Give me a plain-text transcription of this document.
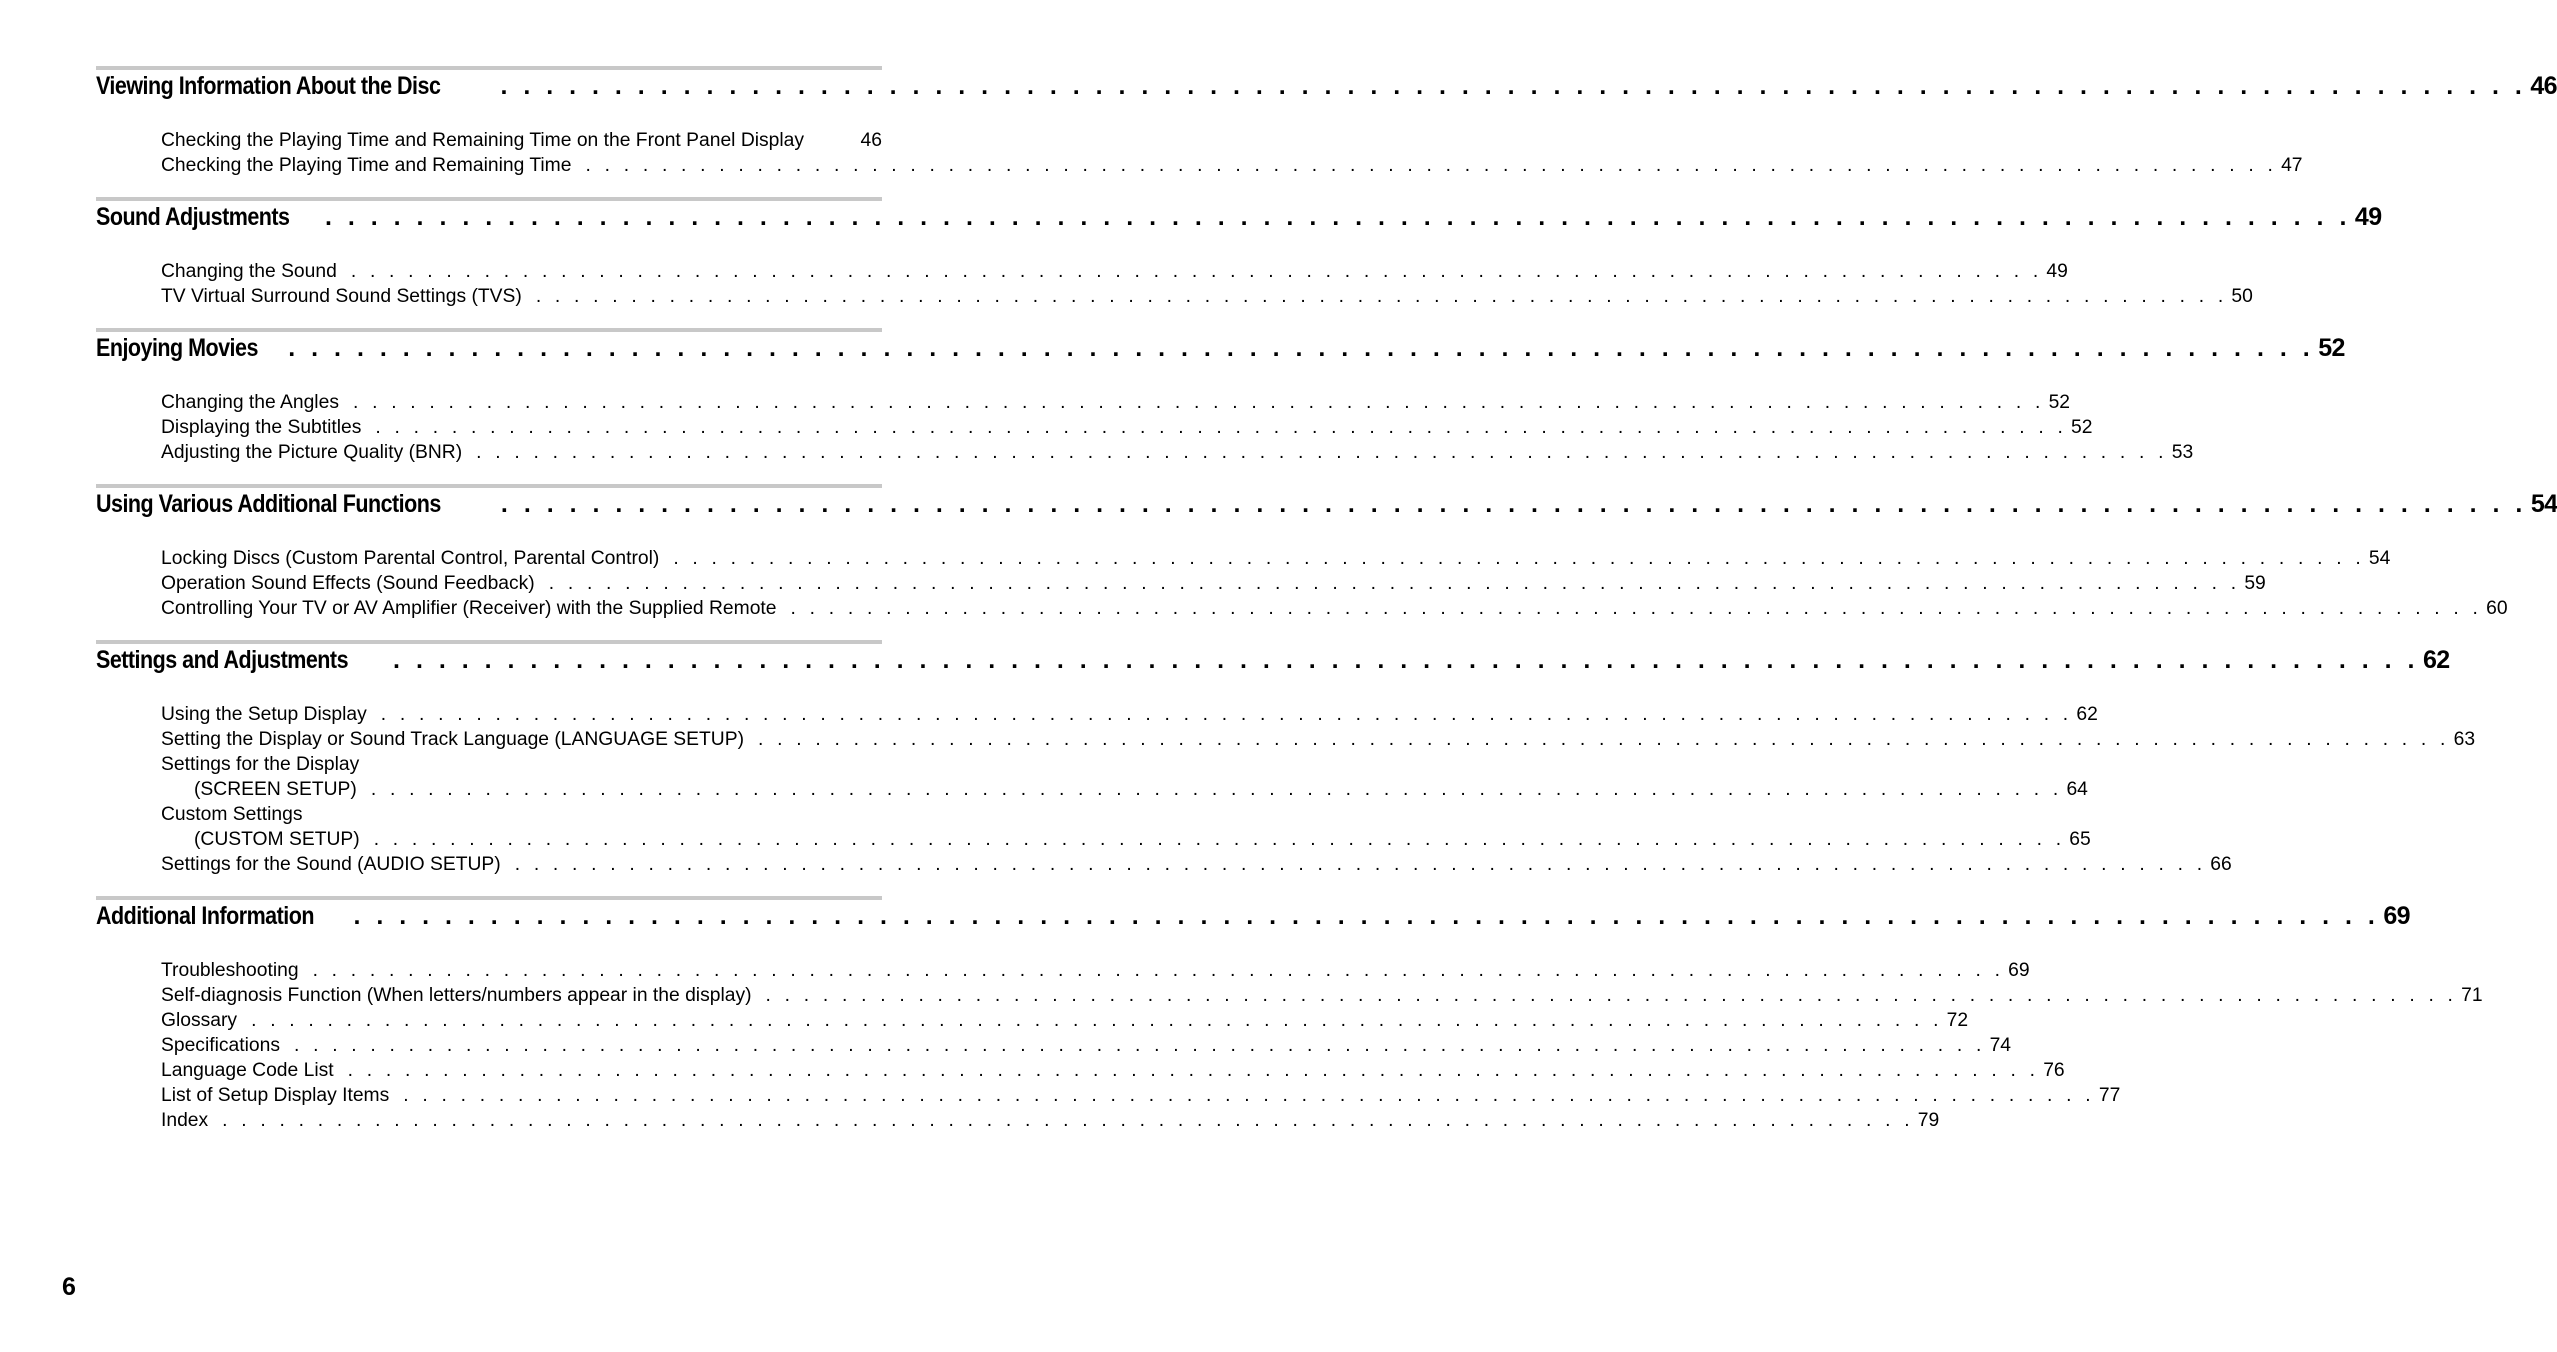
Viewing Information About the Disc . . . . . . . . . . . . . . . . . . . . . . . . . . . . . . . . . . . . . . . . . . . . . . . . . . . . . . . . . . . . . . . . . . . . . . . . . . . . . . . . . . . . . . . . . 46
Checking the Playing Time and Remaining Time on the Front Panel Display	46
Checking the Playing Time and Remaining Time . . . . . . . . . . . . . . . . . . . . . . . . . . . . . . . . . . . . . . . . . . . . . . . . . . . . . . . . . . . . . . . . . . . . . . . . . . . . . . . . . . . . . . . . . 47
Sound Adjustments . . . . . . . . . . . . . . . . . . . . . . . . . . . . . . . . . . . . . . . . . . . . . . . . . . . . . . . . . . . . . . . . . . . . . . . . . . . . . . . . . . . . . . . . . 49
Changing the Sound . . . . . . . . . . . . . . . . . . . . . . . . . . . . . . . . . . . . . . . . . . . . . . . . . . . . . . . . . . . . . . . . . . . . . . . . . . . . . . . . . . . . . . . . . 49
TV Virtual Surround Sound Settings (TVS) . . . . . . . . . . . . . . . . . . . . . . . . . . . . . . . . . . . . . . . . . . . . . . . . . . . . . . . . . . . . . . . . . . . . . . . . . . . . . . . . . . . . . . . . . 50
Enjoying Movies . . . . . . . . . . . . . . . . . . . . . . . . . . . . . . . . . . . . . . . . . . . . . . . . . . . . . . . . . . . . . . . . . . . . . . . . . . . . . . . . . . . . . . . . . 52
Changing the Angles . . . . . . . . . . . . . . . . . . . . . . . . . . . . . . . . . . . . . . . . . . . . . . . . . . . . . . . . . . . . . . . . . . . . . . . . . . . . . . . . . . . . . . . . . 52
Displaying the Subtitles . . . . . . . . . . . . . . . . . . . . . . . . . . . . . . . . . . . . . . . . . . . . . . . . . . . . . . . . . . . . . . . . . . . . . . . . . . . . . . . . . . . . . . . . . 52
Adjusting the Picture Quality (BNR) . . . . . . . . . . . . . . . . . . . . . . . . . . . . . . . . . . . . . . . . . . . . . . . . . . . . . . . . . . . . . . . . . . . . . . . . . . . . . . . . . . . . . . . . . 53
Using Various Additional Functions . . . . . . . . . . . . . . . . . . . . . . . . . . . . . . . . . . . . . . . . . . . . . . . . . . . . . . . . . . . . . . . . . . . . . . . . . . . . . . . . . . . . . . . . . 54
Locking Discs (Custom Parental Control, Parental Control) . . . . . . . . . . . . . . . . . . . . . . . . . . . . . . . . . . . . . . . . . . . . . . . . . . . . . . . . . . . . . . . . . . . . . . . . . . . . . . . . . . . . . . . . . 54
Operation Sound Effects (Sound Feedback) . . . . . . . . . . . . . . . . . . . . . . . . . . . . . . . . . . . . . . . . . . . . . . . . . . . . . . . . . . . . . . . . . . . . . . . . . . . . . . . . . . . . . . . . . 59
Controlling Your TV or AV Amplifier (Receiver) with the Supplied Remote . . . . . . . . . . . . . . . . . . . . . . . . . . . . . . . . . . . . . . . . . . . . . . . . . . . . . . . . . . . . . . . . . . . . . . . . . . . . . . . . . . . . . . . . . 60
Settings and Adjustments . . . . . . . . . . . . . . . . . . . . . . . . . . . . . . . . . . . . . . . . . . . . . . . . . . . . . . . . . . . . . . . . . . . . . . . . . . . . . . . . . . . . . . . . . 62
Using the Setup Display . . . . . . . . . . . . . . . . . . . . . . . . . . . . . . . . . . . . . . . . . . . . . . . . . . . . . . . . . . . . . . . . . . . . . . . . . . . . . . . . . . . . . . . . . 62
Setting the Display or Sound Track Language (LANGUAGE SETUP) . . . . . . . . . . . . . . . . . . . . . . . . . . . . . . . . . . . . . . . . . . . . . . . . . . . . . . . . . . . . . . . . . . . . . . . . . . . . . . . . . . . . . . . . . 63
Settings for the Display
(SCREEN SETUP) . . . . . . . . . . . . . . . . . . . . . . . . . . . . . . . . . . . . . . . . . . . . . . . . . . . . . . . . . . . . . . . . . . . . . . . . . . . . . . . . . . . . . . . . . 64
Custom Settings
(CUSTOM SETUP) . . . . . . . . . . . . . . . . . . . . . . . . . . . . . . . . . . . . . . . . . . . . . . . . . . . . . . . . . . . . . . . . . . . . . . . . . . . . . . . . . . . . . . . . . 65
Settings for the Sound (AUDIO SETUP) . . . . . . . . . . . . . . . . . . . . . . . . . . . . . . . . . . . . . . . . . . . . . . . . . . . . . . . . . . . . . . . . . . . . . . . . . . . . . . . . . . . . . . . . . 66
Additional Information . . . . . . . . . . . . . . . . . . . . . . . . . . . . . . . . . . . . . . . . . . . . . . . . . . . . . . . . . . . . . . . . . . . . . . . . . . . . . . . . . . . . . . . . . 69
Troubleshooting . . . . . . . . . . . . . . . . . . . . . . . . . . . . . . . . . . . . . . . . . . . . . . . . . . . . . . . . . . . . . . . . . . . . . . . . . . . . . . . . . . . . . . . . . 69
Self-diagnosis Function (When letters/numbers appear in the display) . . . . . . . . . . . . . . . . . . . . . . . . . . . . . . . . . . . . . . . . . . . . . . . . . . . . . . . . . . . . . . . . . . . . . . . . . . . . . . . . . . . . . . . . . 71
Glossary . . . . . . . . . . . . . . . . . . . . . . . . . . . . . . . . . . . . . . . . . . . . . . . . . . . . . . . . . . . . . . . . . . . . . . . . . . . . . . . . . . . . . . . . . 72
Specifications . . . . . . . . . . . . . . . . . . . . . . . . . . . . . . . . . . . . . . . . . . . . . . . . . . . . . . . . . . . . . . . . . . . . . . . . . . . . . . . . . . . . . . . . . 74
Language Code List . . . . . . . . . . . . . . . . . . . . . . . . . . . . . . . . . . . . . . . . . . . . . . . . . . . . . . . . . . . . . . . . . . . . . . . . . . . . . . . . . . . . . . . . . 76
List of Setup Display Items . . . . . . . . . . . . . . . . . . . . . . . . . . . . . . . . . . . . . . . . . . . . . . . . . . . . . . . . . . . . . . . . . . . . . . . . . . . . . . . . . . . . . . . . . 77
Index . . . . . . . . . . . . . . . . . . . . . . . . . . . . . . . . . . . . . . . . . . . . . . . . . . . . . . . . . . . . . . . . . . . . . . . . . . . . . . . . . . . . . . . . . 79
6
